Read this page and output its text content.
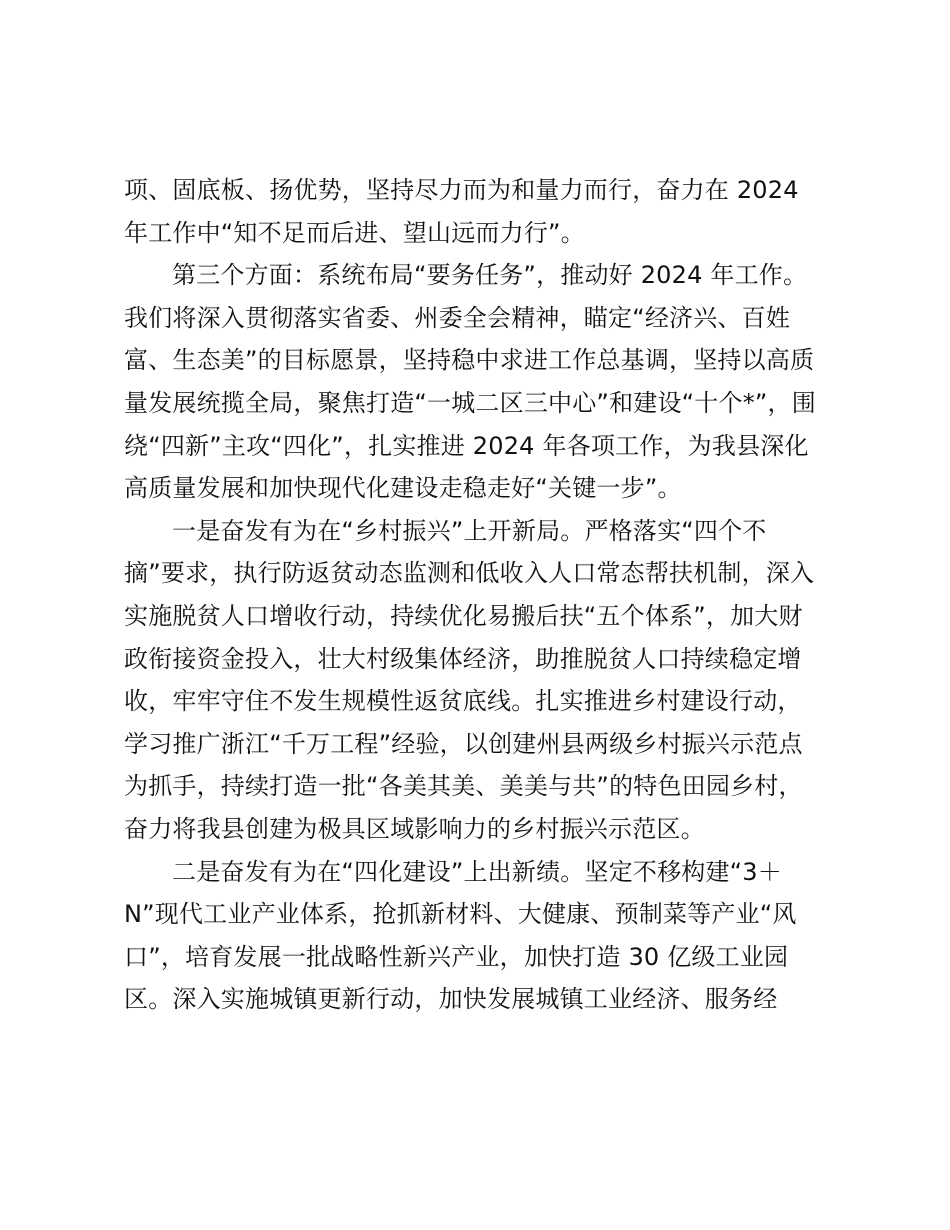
项、固底板、扬优势，坚持尽力而为和量力而行，奋力在 2024
年工作中“知不足而后进、望山远而力行”。
第三个方面：系统布局“要务任务”，推动好 2024 年工作。
我们将深入贯彻落实省委、州委全会精神，瞄定“经济兴、百姓
富、生态美”的目标愿景，坚持稳中求进工作总基调，坚持以高质
量发展统揽全局，聚焦打造“一城二区三中心”和建设“十个*”，围
绕“四新”主攻“四化”，扎实推进 2024 年各项工作，为我县深化
高质量发展和加快现代化建设走稳走好“关键一步”。
一是奋发有为在“乡村振兴”上开新局。严格落实“四个不
摘”要求，执行防返贫动态监测和低收入人口常态帮扶机制，深入
实施脱贫人口增收行动，持续优化易搬后扶“五个体系”，加大财
政衔接资金投入，壮大村级集体经济，助推脱贫人口持续稳定增
收，牢牢守住不发生规模性返贫底线。扎实推进乡村建设行动，
学习推广浙江“千万工程”经验，以创建州县两级乡村振兴示范点
为抓手，持续打造一批“各美其美、美美与共”的特色田园乡村，
奋力将我县创建为极具区域影响力的乡村振兴示范区。
二是奋发有为在“四化建设”上出新绩。坚定不移构建“3＋
N”现代工业产业体系，抢抓新材料、大健康、预制菜等产业“风
口”，培育发展一批战略性新兴产业，加快打造 30 亿级工业园
区。深入实施城镇更新行动，加快发展城镇工业经济、服务经
